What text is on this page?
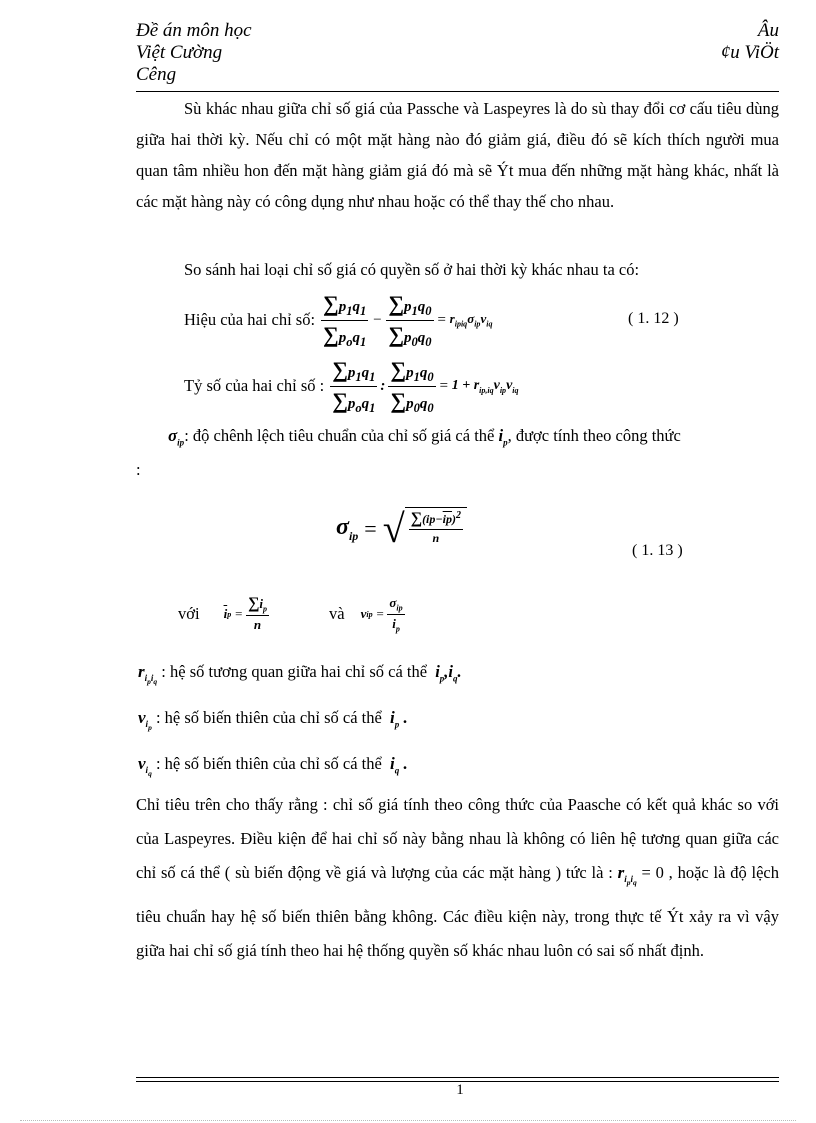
Đề án môn học
Việt Cường
Cêng
Âu
¢u ViÖt
Sù khác nhau giữa chỉ số giá của Passche và Laspeyres là do sù thay đổi cơ cấu tiêu dùng giữa hai thời kỳ. Nếu chỉ có một mặt hàng nào đó giảm giá, điều đó sẽ kích thích người mua quan tâm nhiều hon đến mặt hàng giảm giá đó mà sẽ Ýt mua đến những mặt hàng khác, nhất là các mặt hàng này có công dụng như nhau hoặc có thể thay thế cho nhau.
So sánh hai loại chỉ số giá có quyền số ở hai thời kỳ khác nhau ta có:
Hiệu của hai chỉ số: $\frac{\sum p_1q_1}{\sum p_oq_1} - \frac{\sum p_1q_0}{\sum p_0q_0} = r_{ipiq}\sigma_{ip}v_{iq}$	( 1. 12 )
Tỷ số của hai chỉ số : $\frac{\sum p_1q_1}{\sum p_oq_1}$ : $\frac{\sum p_1q_0}{\sum p_0q_0} = 1 + r_{ip,iq}v_{ip}v_{iq}$
$\sigma_{ip}$: độ chênh lệch tiêu chuẩn của chỉ số giá cá thể $i_p$, được tính theo công thức
:
$\sigma_{ip}$ = √ $\frac{\sum(ip-\overline{ip})^2}{n}$
( 1. 13 )
với $\overline{i}$ $p = \frac{\sum i_p}{n}$	và v ip = $\frac{\sigma_{ip}}{i_p}$
$r_{i_pi_q}$ : hệ số tương quan giữa hai chỉ số cá thể $i_p,i_q$.
$v_{i_p}$ : hệ số biến thiên của chỉ số cá thể $i_p$ .
$v_{i_q}$ : hệ số biến thiên của chỉ số cá thể $i_q$ .
Chỉ tiêu trên cho thấy rằng : chỉ số giá tính theo công thức của Paasche có kết quả khác so với của Laspeyres. Điều kiện để hai chỉ số này bằng nhau là không có liên hệ tương quan giữa các chỉ số cá thể ( sù biến động về giá và lượng của các mặt hàng ) tức là : $r_{i_pi_q} = 0$ , hoặc là độ lệch tiêu chuẩn hay hệ số biến thiên bằng không. Các điều kiện này, trong thực tế Ýt xảy ra vì vậy giữa hai chỉ số giá tính theo hai hệ thống quyền số khác nhau luôn có sai số nhất định.
1
